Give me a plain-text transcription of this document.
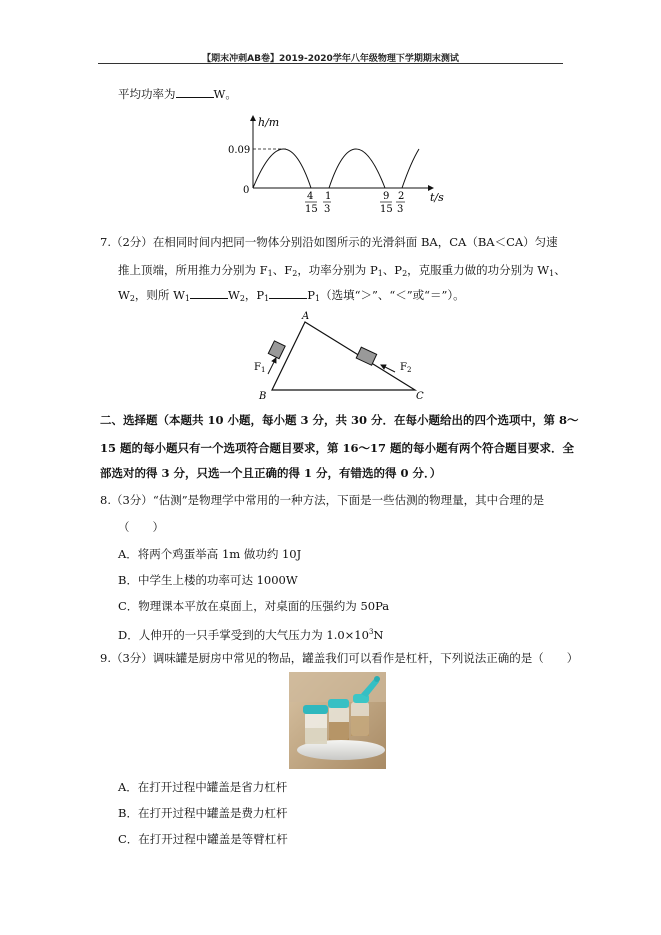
【期末冲刺AB卷】2019-2020学年八年级物理下学期期末测试
平均功率为	W。
h/m
t/s
0.09
0
4
15
1
3
9
15
2
3
7.（2分）在相同时间内把同一物体分别沿如图所示的光滑斜面 BA，CA（BA＜CA）匀速
推上顶端，所用推力分别为 $F_1$、$F_2$，功率分别为 $P_1$、$P_2$，克服重力做的功分别为 $W_1$、
$W_2$，则所 $W_1$	$W_2$，$P_1$	$P_1$（选填“＞”、“＜”或“＝”）。
A
B	C
$F_1$	$F_2$
二、选择题（本题共 10 小题，每小题 3 分，共 30 分．在每小题给出的四个选项中，第 8～
15 题的每小题只有一个选项符合题目要求，第 16～17 题的每小题有两个符合题目要求．全
部选对的得 3 分，只选一个且正确的得 1 分，有错选的得 0 分．）
8.（3分）“估测”是物理学中常用的一种方法，下面是一些估测的物理量，其中合理的是
（　　）
A．将两个鸡蛋举高 1m 做功约 10J
B．中学生上楼的功率可达 1000W
C．物理课本平放在桌面上，对桌面的压强约为 50Pa
D．人伸开的一只手掌受到的大气压力为 $1.0\times 10^3N$
9.（3分）调味罐是厨房中常见的物品，罐盖我们可以看作是杠杆，下列说法正确的是（　　）
A．在打开过程中罐盖是省力杠杆
B．在打开过程中罐盖是费力杠杆
C．在打开过程中罐盖是等臂杠杆
